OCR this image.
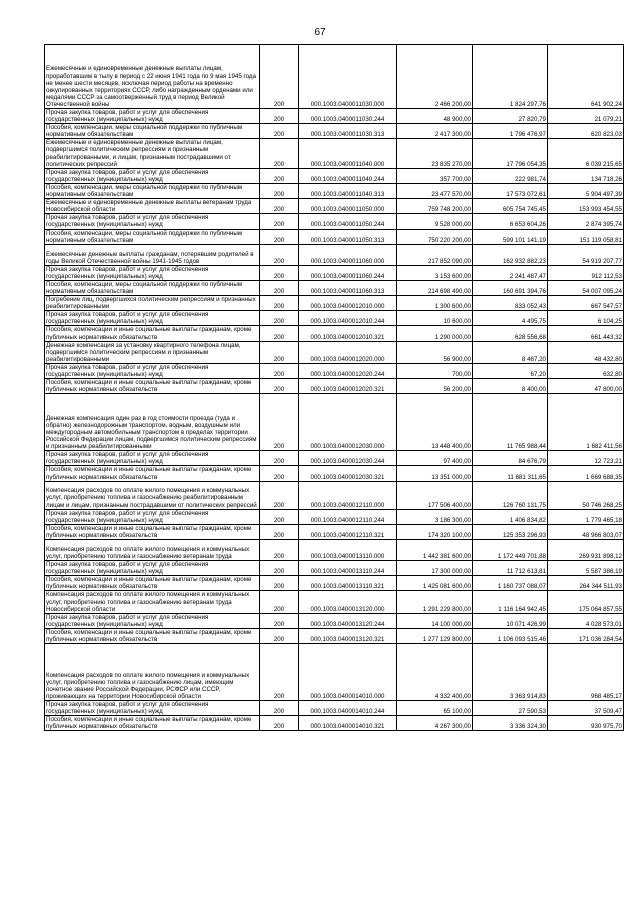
67
Ежемесячные и единовременные денежные выплаты лицам, проработавшим в тылу в период с 22 июня 1941 года по 9 мая 1945 года не менее шести месяцев, исключая период работы на временно оккупированных территориях СССР, либо награжденным орденами или медалями СССР за самоотверженный труд в период Великой Отечественной войны	200	000.1003.0400011030.000	2 466 200,00	1 824 297,76	641 902,24
Прочая закупка товаров, работ и услуг для обеспечения государственных (муниципальных) нужд	200	000.1003.0400011030.244	48 900,00	27 820,79	21 079,21
Пособия, компенсации, меры социальной поддержки по публичным нормативным обязательствам	200	000.1003.0400011030.313	2 417 300,00	1 796 476,97	620 823,03
Ежемесячные и единовременные денежные выплаты лицам, подвергшимся политическим репрессиям и признанным реабилитированными, и лицам, признанным пострадавшими от политических репрессий	200	000.1003.0400011040.000	23 835 270,00	17 796 054,35	6 039 215,65
Прочая закупка товаров, работ и услуг для обеспечения государственных (муниципальных) нужд	200	000.1003.0400011040.244	357 700,00	222 981,74	134 718,26
Пособия, компенсации, меры социальной поддержки по публичным нормативным обязательствам	200	000.1003.0400011040.313	23 477 570,00	17 573 072,61	5 904 497,39
Ежемесячные и единовременные денежные выплаты ветеранам труда Новосибирской области	200	000.1003.0400011050.000	759 748 200,00	605 754 745,45	153 993 454,55
Прочая закупка товаров, работ и услуг для обеспечения государственных (муниципальных) нужд	200	000.1003.0400011050.244	9 528 000,00	6 653 604,26	2 874 395,74
Пособия, компенсации, меры социальной поддержки по публичным нормативным обязательствам	200	000.1003.0400011050.313	750 220 200,00	599 101 141,19	151 119 058,81
Ежемесячные денежные выплаты гражданам, потерявшим родителей в годы Великой Отечественной войны 1941-1945 годов	200	000.1003.0400011060.000	217 852 090,00	162 932 882,23	54 919 207,77
Прочая закупка товаров, работ и услуг для обеспечения государственных (муниципальных) нужд	200	000.1003.0400011060.244	3 153 600,00	2 241 487,47	912 112,53
Пособия, компенсации, меры социальной поддержки по публичным нормативным обязательствам	200	000.1003.0400011060.313	214 698 490,00	160 691 394,76	54 007 095,24
Погребение лиц, подвергшихся политическим репрессиям и признанных реабилитированными	200	000.1003.0400012010.000	1 300 600,00	833 052,43	667 547,57
Прочая закупка товаров, работ и услуг для обеспечения государственных (муниципальных) нужд	200	000.1003.0400012010.244	10 600,00	4 495,75	6 104,25
Пособия, компенсации и иные социальные выплаты гражданам, кроме публичных нормативных обязательств	200	000.1003.0400012010.321	1 290 000,00	628 556,68	661 443,32
Денежная компенсация за установку квартирного телефона лицам, подвергшимся политическим репрессиям и признанным реабилитированными	200	000.1003.0400012020.000	56 900,00	8 467,20	48 432,80
Прочая закупка товаров, работ и услуг для обеспечения государственных (муниципальных) нужд	200	000.1003.0400012020.244	700,00	67,20	632,80
Пособия, компенсации и иные социальные выплаты гражданам, кроме публичных нормативных обязательств	200	000.1003.0400012020.321	56 200,00	8 400,00	47 800,00
Денежная компенсация один раз в год стоимости проезда (туда и обратно) железнодорожным транспортом, водным, воздушным или междугородным автомобильным транспортом в пределах территории Российской Федерации лицам, подвергшимся политическим репрессиям и признанным реабилитированными	200	000.1003.0400012030.000	13 448 400,00	11 765 988,44	1 682 411,56
Прочая закупка товаров, работ и услуг для обеспечения государственных (муниципальных) нужд	200	000.1003.0400012030.244	97 400,00	84 676,79	12 723,21
Пособия, компенсации и иные социальные выплаты гражданам, кроме публичных нормативных обязательств	200	000.1003.0400012030.321	13 351 000,00	11 681 311,65	1 669 688,35
Компенсация расходов по оплате жилого помещения и коммунальных услуг, приобретению топлива и газоснабжению реабилитированным лицам и лицам, признанным пострадавшими от политических репрессий	200	000.1003.0400012110.000	177 506 400,00	126 760 131,75	50 746 268,25
Прочая закупка товаров, работ и услуг для обеспечения государственных (муниципальных) нужд	200	000.1003.0400012110.244	3 186 300,00	1 406 834,82	1 779 465,18
Пособия, компенсации и иные социальные выплаты гражданам, кроме публичных нормативных обязательств	200	000.1003.0400012110.321	174 320 100,00	125 353 296,93	48 966 803,07
Компенсация расходов по оплате жилого помещения и коммунальных услуг, приобретению топлива и газоснабжению ветеранам труда	200	000.1003.0400013110.000	1 442 381 600,00	1 172 449 701,88	269 931 898,12
Прочая закупка товаров, работ и услуг для обеспечения государственных (муниципальных) нужд	200	000.1003.0400013110.244	17 300 000,00	11 712 613,81	5 587 386,19
Пособия, компенсации и иные социальные выплаты гражданам, кроме публичных нормативных обязательств	200	000.1003.0400013110.321	1 425 081 600,00	1 160 737 088,07	264 344 511,93
Компенсация расходов по оплате жилого помещения и коммунальных услуг, приобретению топлива и газоснабжению ветеранам труда Новосибирской области	200	000.1003.0400013120.000	1 291 229 800,00	1 116 164 942,45	175 064 857,55
Прочая закупка товаров, работ и услуг для обеспечения государственных (муниципальных) нужд	200	000.1003.0400013120.244	14 100 000,00	10 071 426,99	4 028 573,01
Пособия, компенсации и иные социальные выплаты гражданам, кроме публичных нормативных обязательств	200	000.1003.0400013120.321	1 277 129 800,00	1 106 093 515,46	171 036 284,54
Компенсация расходов по оплате жилого помещения и коммунальных услуг, приобретению топлива и газоснабжению лицам, имеющим почетное звание Российской Федерации, РСФСР или СССР, проживающих на территории Новосибирской области	200	000.1003.0400014010.000	4 332 400,00	3 363 914,83	968 485,17
Прочая закупка товаров, работ и услуг для обеспечения государственных (муниципальных) нужд	200	000.1003.0400014010.244	65 100,00	27 590,53	37 509,47
Пособия, компенсации и иные социальные выплаты гражданам, кроме публичных нормативных обязательств	200	000.1003.0400014010.321	4 267 300,00	3 336 324,30	930 975,70
